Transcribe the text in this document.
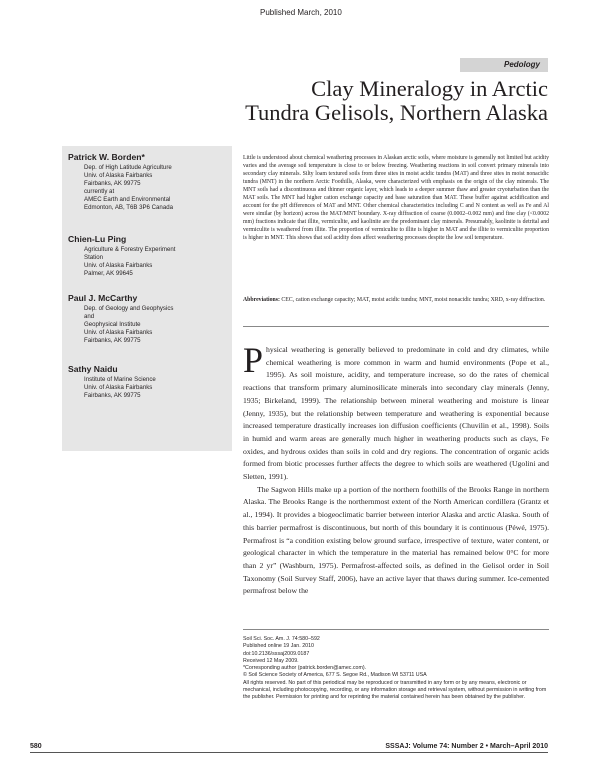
Published March, 2010
Pedology
Clay Mineralogy in Arctic
Tundra Gelisols, Northern Alaska
Patrick W. Borden*
Dep. of High Latitude Agriculture
Univ. of Alaska Fairbanks
Fairbanks, AK 99775
currently at
AMEC Earth and Environmental
Edmonton, AB, T6B 3P6 Canada
Chien-Lu Ping
Agriculture & Forestry Experiment
Station
Univ. of Alaska Fairbanks
Palmer, AK 99645
Paul J. McCarthy
Dep. of Geology and Geophysics
and
Geophysical Institute
Univ. of Alaska Fairbanks
Fairbanks, AK 99775
Sathy Naidu
Institute of Marine Science
Univ. of Alaska Fairbanks
Fairbanks, AK 99775
Little is understood about chemical weathering processes in Alaskan arctic soils, where moisture is generally not limited but acidity varies and the average soil temperature is close to or below freezing. Weathering reactions in soil convert primary minerals into secondary clay minerals. Silty loam textured soils from three sites in moist acidic tundra (MAT) and three sites in moist nonacidic tundra (MNT) in the northern Arctic Foothills, Alaska, were characterized with emphasis on the origin of the clay minerals. The MNT soils had a discontinuous and thinner organic layer, which leads to a deeper summer thaw and greater cryoturbation than the MAT soils. The MNT had higher cation exchange capacity and base saturation than MAT. These buffer against acidification and account for the pH differences of MAT and MNT. Other chemical characteristics including C and N content as well as Fe and Al were similar (by horizon) across the MAT/MNT boundary. X-ray diffraction of coarse (0.0002–0.002 mm) and fine clay (<0.0002 mm) fractions indicate that illite, vermiculite, and kaolinite are the predominant clay minerals. Presumably, kaolinite is detrital and vermiculite is weathered from illite. The proportion of vermiculite to illite is higher in MAT and the illite to vermiculite proportion is higher in MNT. This shows that soil acidity does affect weathering processes despite the low soil temperature.
Abbreviations: CEC, cation exchange capacity; MAT, moist acidic tundra; MNT, moist nonacidic tundra; XRD, x-ray diffraction.

Physical weathering is generally believed to predominate in cold and dry climates, while chemical weathering is more common in warm and humid environments (Pope et al., 1995). As soil moisture, acidity, and temperature increase, so do the rates of chemical reactions that transform primary aluminosilicate minerals into secondary clay minerals (Jenny, 1935; Birkeland, 1999). The relationship between mineral weathering and moisture is linear (Jenny, 1935), but the relationship between temperature and weathering is exponential because increased temperature drastically increases ion diffusion coefficients (Chuvilin et al., 1998). Soils in humid and warm areas are generally much higher in weathering products such as clays, Fe oxides, and hydrous oxides than soils in cold and dry regions. The concentration of organic acids formed from biotic processes further affects the degree to which soils are weathered (Ugolini and Sletten, 1991).

The Sagwon Hills make up a portion of the northern foothills of the Brooks Range in northern Alaska. The Brooks Range is the northernmost extent of the North American cordillera (Grantz et al., 1994). It provides a biogeoclimatic barrier between interior Alaska and arctic Alaska. South of this barrier permafrost is discontinuous, but north of this boundary it is continuous (Péwé, 1975). Permafrost is “a condition existing below ground surface, irrespective of texture, water content, or geological character in which the temperature in the material has remained below 0°C for more than 2 yr” (Washburn, 1975). Permafrost-affected soils, as defined in the Gelisol order in Soil Taxonomy (Soil Survey Staff, 2006), have an active layer that thaws during summer. Ice-cemented permafrost below the

Soil Sci. Soc. Am. J. 74:580–592
Published online 19 Jan. 2010
doi:10.2136/sssaj2009.0187
Received 12 May 2009.
*Corresponding author (patrick.borden@amec.com).
© Soil Science Society of America, 677 S. Segoe Rd., Madison WI 53711 USA
All rights reserved. No part of this periodical may be reproduced or transmitted in any form or by any means, electronic or mechanical, including photocopying, recording, or any information storage and retrieval system, without permission in writing from the publisher. Permission for printing and for reprinting the material contained herein has been obtained by the publisher.
580	SSSAJ: Volume 74: Number 2 • March–April 2010
